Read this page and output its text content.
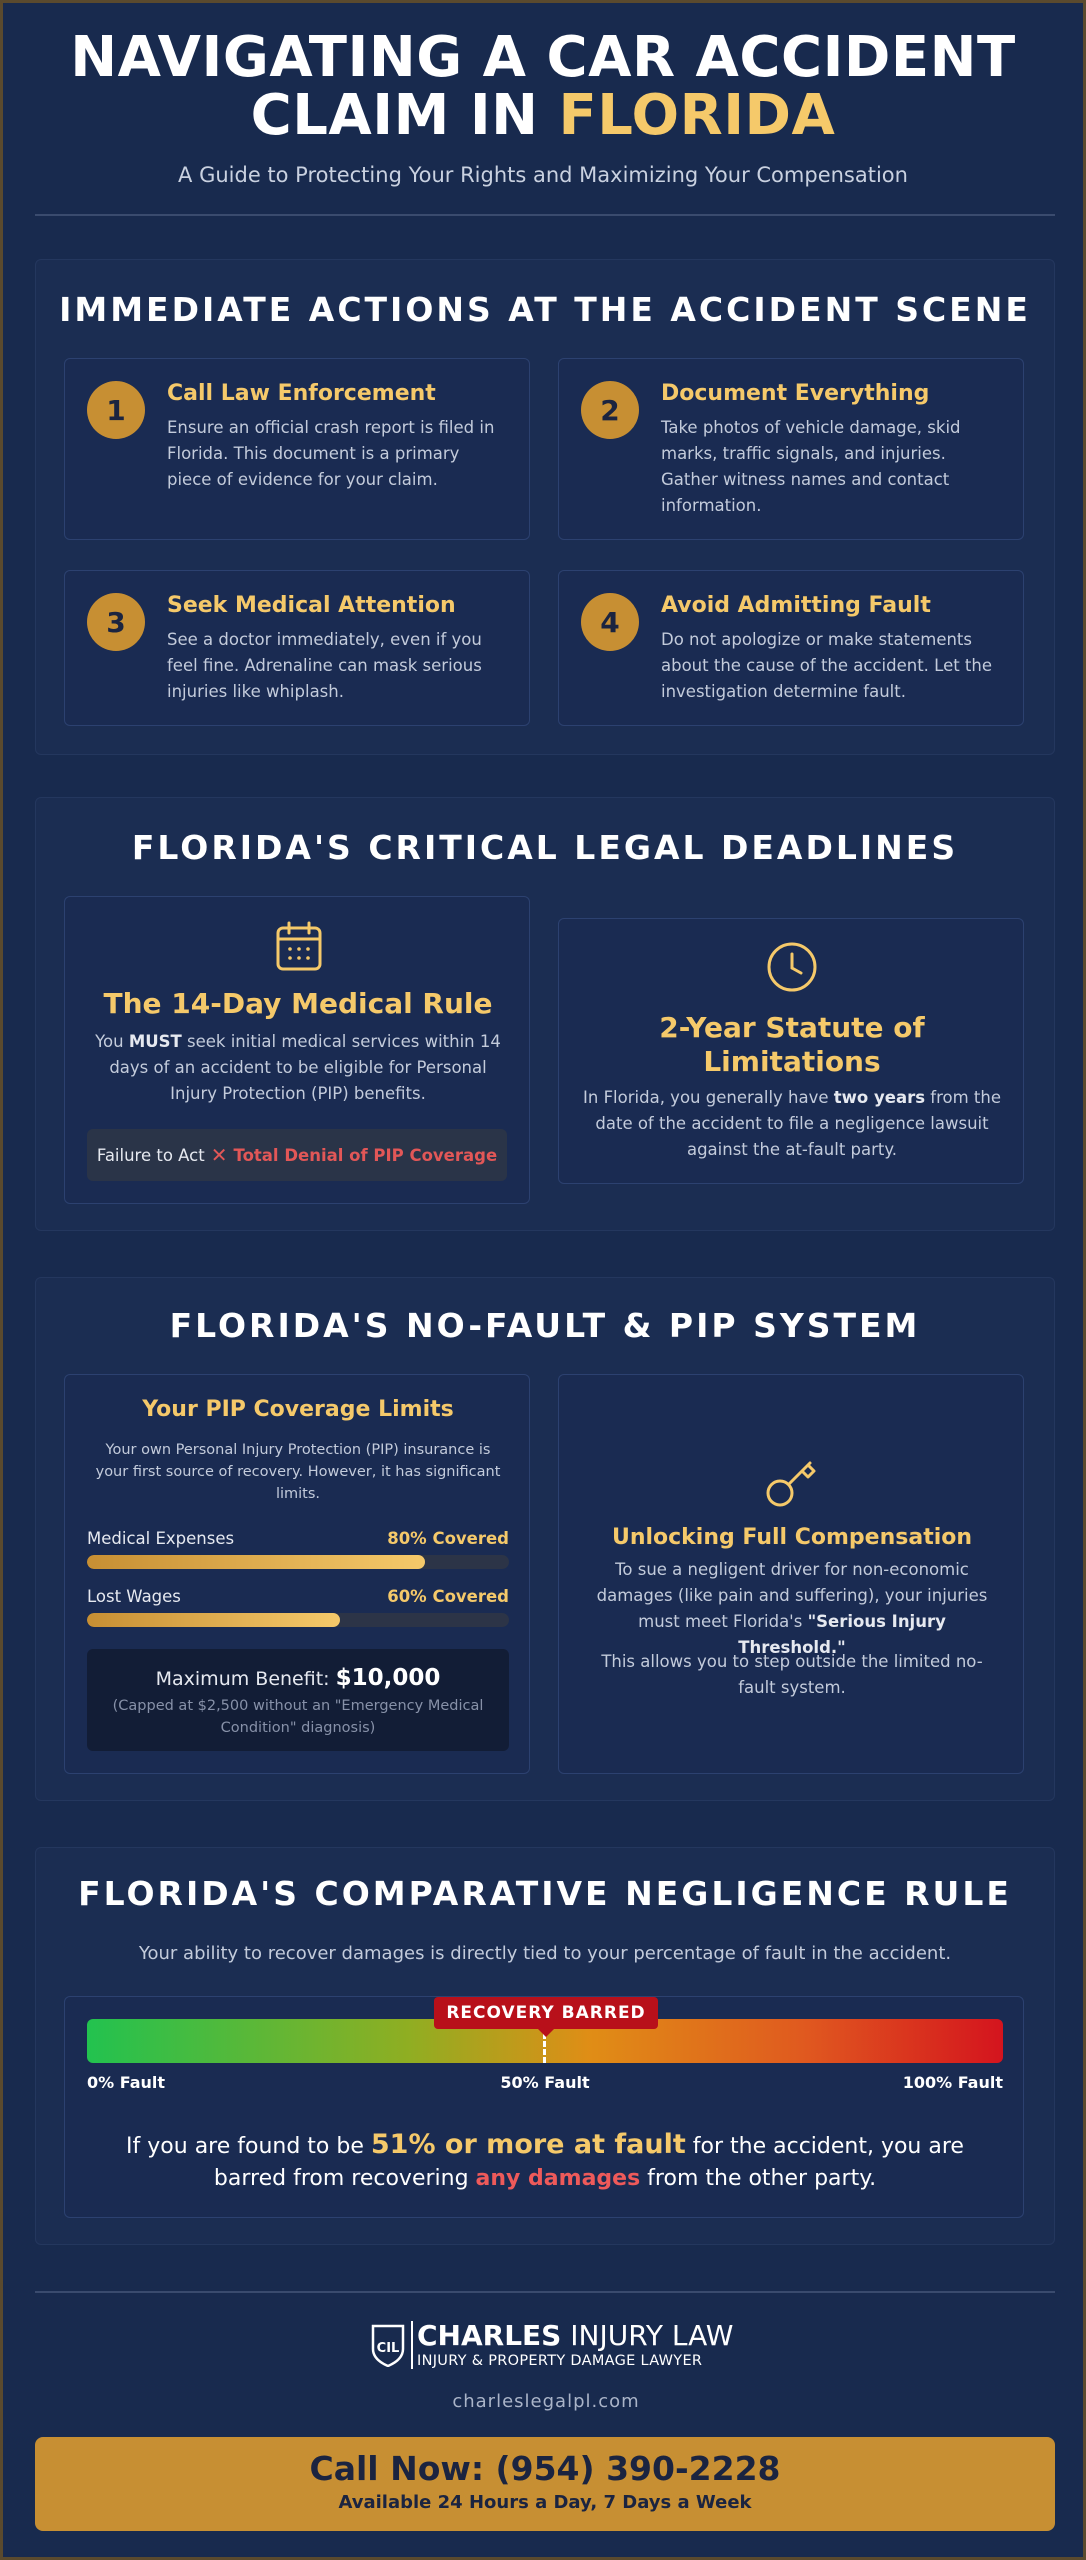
NAVIGATING A CAR ACCIDENT
CLAIM IN FLORIDA
A Guide to Protecting Your Rights and Maximizing Your Compensation
IMMEDIATE ACTIONS AT THE ACCIDENT SCENE
1	Call Law Enforcement
Ensure an official crash report is filed in Florida. This document is a primary piece of evidence for your claim.
2	Document Everything
Take photos of vehicle damage, skid marks, traffic signals, and injuries. Gather witness names and contact information.
3	Seek Medical Attention
See a doctor immediately, even if you feel fine. Adrenaline can mask serious injuries like whiplash.
4	Avoid Admitting Fault
Do not apologize or make statements about the cause of the accident. Let the investigation determine fault.
FLORIDA'S CRITICAL LEGAL DEADLINES
The 14-Day Medical Rule
You MUST seek initial medical services within 14 days of an accident to be eligible for Personal Injury Protection (PIP) benefits.
Failure to Act ✕ Total Denial of PIP Coverage
2-Year Statute of
Limitations
In Florida, you generally have two years from the date of the accident to file a negligence lawsuit against the at-fault party.
FLORIDA'S NO-FAULT & PIP SYSTEM
Your PIP Coverage Limits
Your own Personal Injury Protection (PIP) insurance is your first source of recovery. However, it has significant limits.
Medical Expenses	80% Covered
Lost Wages	60% Covered
Maximum Benefit: $10,000
(Capped at $2,500 without an "Emergency Medical Condition" diagnosis)
Unlocking Full Compensation
To sue a negligent driver for non-economic damages (like pain and suffering), your injuries must meet Florida's "Serious Injury Threshold."
This allows you to step outside the limited no-fault system.
FLORIDA'S COMPARATIVE NEGLIGENCE RULE
Your ability to recover damages is directly tied to your percentage of fault in the accident.
RECOVERY BARRED
0% Fault	50% Fault	100% Fault
If you are found to be 51% or more at fault for the accident, you are barred from recovering any damages from the other party.
CIL CHARLES INJURY LAW
INJURY & PROPERTY DAMAGE LAWYER
charleslegalpl.com
Call Now: (954) 390-2228
Available 24 Hours a Day, 7 Days a Week
